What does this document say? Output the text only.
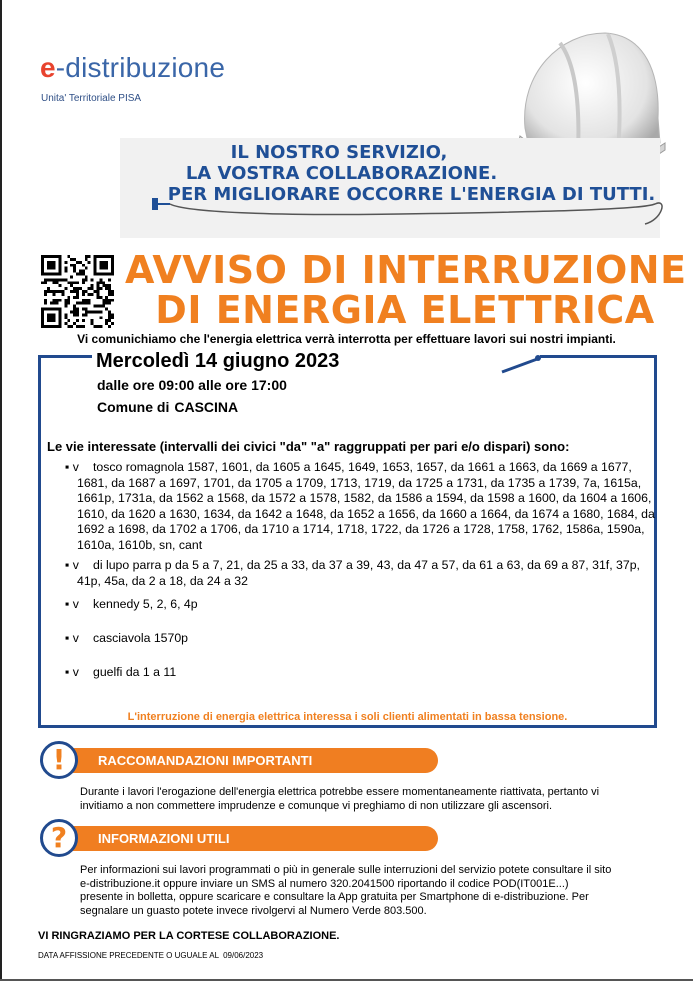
e-distribuzione
Unita' Territoriale PISA
IL NOSTRO SERVIZIO,
LA VOSTRA COLLABORAZIONE.
PER MIGLIORARE OCCORRE L'ENERGIA DI TUTTI.
AVVISO DI INTERRUZIONE
DI ENERGIA ELETTRICA
Vi comunichiamo che l'energia elettrica verrà interrotta per effettuare lavori sui nostri impianti.
Mercoledì 14 giugno 2023
dalle ore 09:00 alle ore 17:00
Comune di CASCINA
Le vie interessate (intervalli dei civici "da" "a" raggruppati per pari e/o dispari) sono:
▪ v	tosco romagnola 1587, 1601, da 1605 a 1645, 1649, 1653, 1657, da 1661 a 1663, da 1669 a 1677, 1681, da 1687 a 1697, 1701, da 1705 a 1709, 1713, 1719, da 1725 a 1731, da 1735 a 1739, 7a, 1615a, 1661p, 1731a, da 1562 a 1568, da 1572 a 1578, 1582, da 1586 a 1594, da 1598 a 1600, da 1604 a 1606, 1610, da 1620 a 1630, 1634, da 1642 a 1648, da 1652 a 1656, da 1660 a 1664, da 1674 a 1680, 1684, da 1692 a 1698, da 1702 a 1706, da 1710 a 1714, 1718, 1722, da 1726 a 1728, 1758, 1762, 1586a, 1590a, 1610a, 1610b, sn, cant
▪ v	di lupo parra p da 5 a 7, 21, da 25 a 33, da 37 a 39, 43, da 47 a 57, da 61 a 63, da 69 a 87, 31f, 37p, 41p, 45a, da 2 a 18, da 24 a 32
▪ v	kennedy 5, 2, 6, 4p
▪ v	casciavola 1570p
▪ v	guelfi da 1 a 11
L'interruzione di energia elettrica interessa i soli clienti alimentati in bassa tensione.
RACCOMANDAZIONI IMPORTANTI
!
Durante i lavori l'erogazione dell'energia elettrica potrebbe essere momentaneamente riattivata, pertanto vi
invitiamo a non commettere imprudenze e comunque vi preghiamo di non utilizzare gli ascensori.
INFORMAZIONI UTILI
?
Per informazioni sui lavori programmati o più in generale sulle interruzioni del servizio potete consultare il sito
e-distribuzione.it oppure inviare un SMS al numero 320.2041500 riportando il codice POD(IT001E...)
presente in bolletta, oppure scaricare e consultare la App gratuita per Smartphone di e-distribuzione. Per
segnalare un guasto potete invece rivolgervi al Numero Verde 803.500.
VI RINGRAZIAMO PER LA CORTESE COLLABORAZIONE.
DATA AFFISSIONE PRECEDENTE O UGUALE AL 09/06/2023
